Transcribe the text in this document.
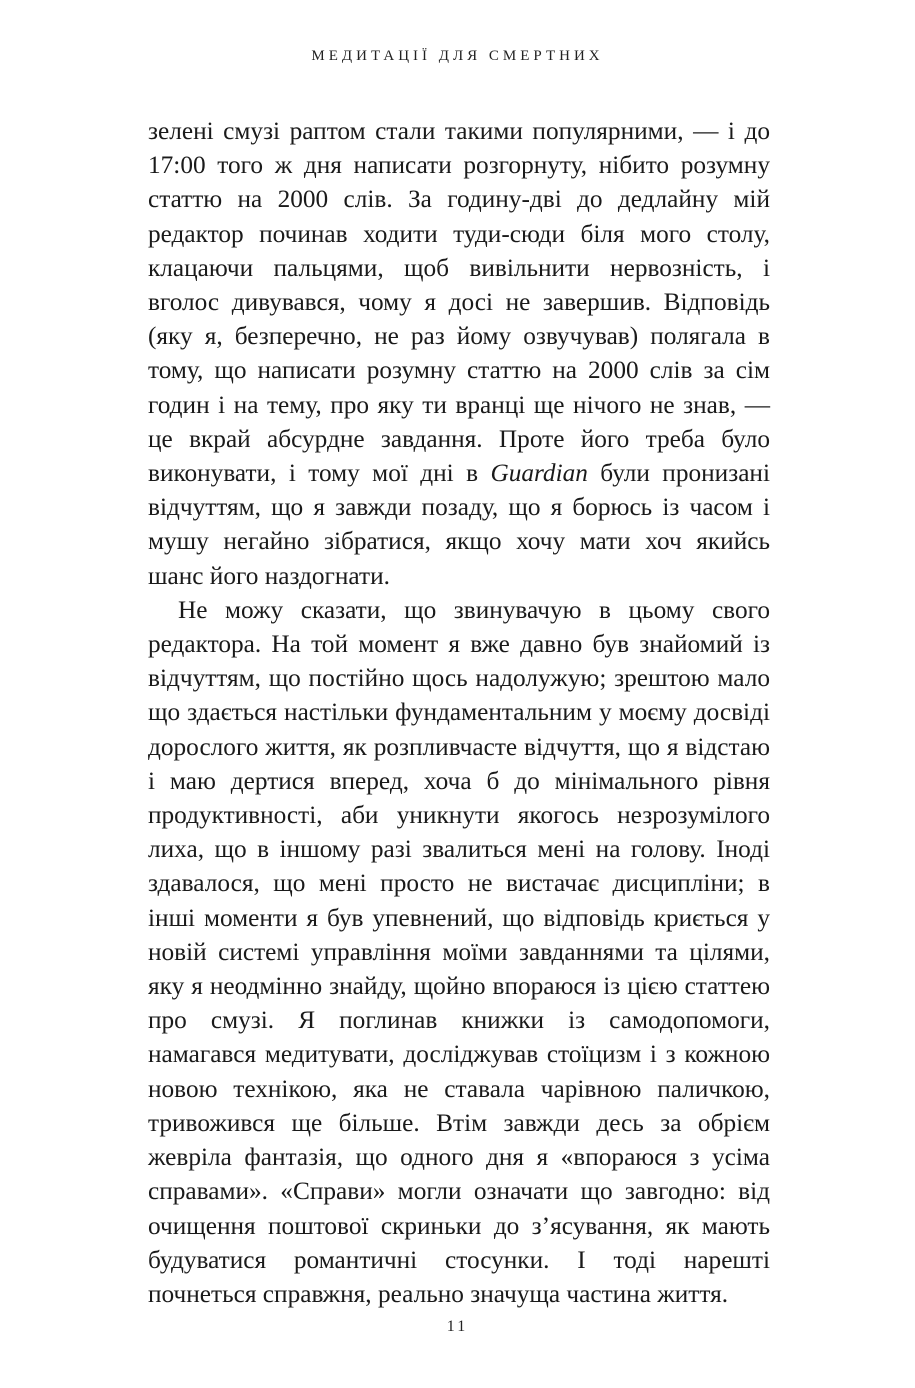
МЕДИТАЦІЇ ДЛЯ СМЕРТНИХ

зелені смузі раптом стали такими популярними, — і до 17:00 того ж дня написати розгорнуту, нібито розумну статтю на 2000 слів. За годину-дві до дедлайну мій редактор починав ходити туди-сюди біля мого столу, клацаючи пальцями, щоб вивільнити нервозність, і вголос дивувався, чому я досі не завершив. Відповідь (яку я, безперечно, не раз йому озвучував) полягала в тому, що написати розумну статтю на 2000 слів за сім годин і на тему, про яку ти вранці ще нічого не знав, — це вкрай абсурдне завдання. Проте його треба було виконувати, і тому мої дні в Guardian були пронизані відчуттям, що я завжди позаду, що я борюсь із часом і мушу негайно зібратися, якщо хочу мати хоч якийсь шанс його наздогнати.

Не можу сказати, що звинувачую в цьому свого редактора. На той момент я вже давно був знайомий із відчуттям, що постійно щось надолужую; зрештою мало що здається настільки фундаментальним у моєму досвіді дорослого життя, як розпливчасте відчуття, що я відстаю і маю дертися вперед, хоча б до мінімального рівня продуктивності, аби уникнути якогось незрозумілого лиха, що в іншому разі звалиться мені на голову. Іноді здавалося, що мені просто не вистачає дисципліни; в інші моменти я був упевнений, що відповідь криється у новій системі управління моїми завданнями та цілями, яку я неодмінно знайду, щойно впораюся із цією статтею про смузі. Я поглинав книжки із самодопомоги, намагався медитувати, досліджував стоїцизм і з кожною новою технікою, яка не ставала чарівною паличкою, тривожився ще більше. Втім завжди десь за обрієм жевріла фантазія, що одного дня я «впораюся з усіма справами». «Справи» могли означати що завгодно: від очищення поштової скриньки до з’ясування, як мають будуватися романтичні стосунки. І тоді нарешті почнеться справжня, реально значуща частина життя.

11
